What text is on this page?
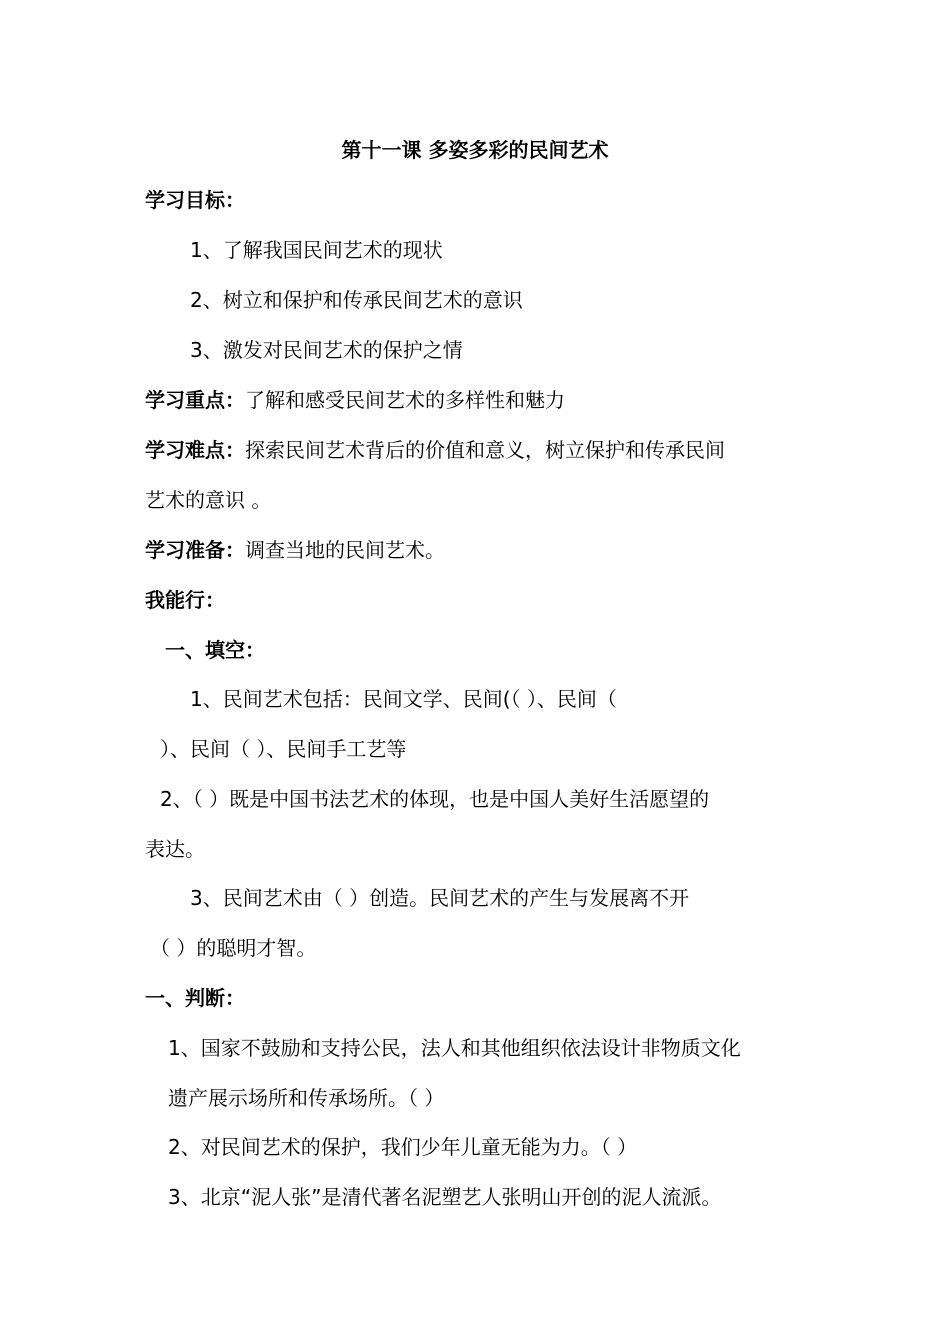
第十一课 多姿多彩的民间艺术
学习目标：
1、了解我国民间艺术的现状
2、树立和保护和传承民间艺术的意识
3、激发对民间艺术的保护之情
学习重点：了解和感受民间艺术的多样性和魅力
学习难点：探索民间艺术背后的价值和意义，树立保护和传承民间
艺术的意识 。
学习准备：调查当地的民间艺术。
我能行：
一、填空：
1、民间艺术包括：民间文学、民间(（ ）、民间（
）、民间（ ）、民间手工艺等
2、（ ）既是中国书法艺术的体现，也是中国人美好生活愿望的
表达。
3、民间艺术由（ ）创造。民间艺术的产生与发展离不开
（ ）的聪明才智。
一、判断：
1、国家不鼓励和支持公民，法人和其他组织依法设计非物质文化
遗产展示场所和传承场所。（ ）
2、对民间艺术的保护，我们少年儿童无能为力。（ ）
3、北京“泥人张”是清代著名泥塑艺人张明山开创的泥人流派。
